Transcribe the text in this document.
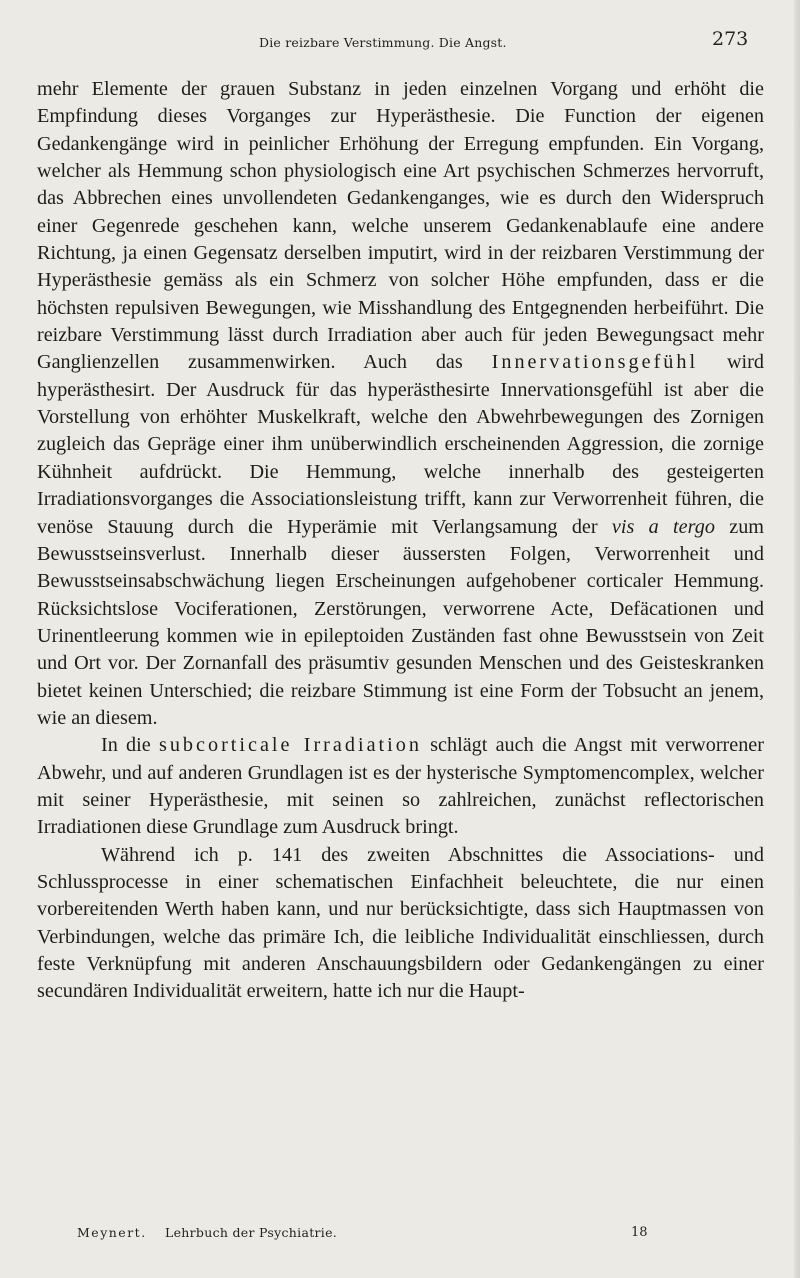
Die reizbare Verstimmung. Die Angst.	273

mehr Elemente der grauen Substanz in jeden einzelnen Vorgang und erhöht die Empfindung dieses Vorganges zur Hyperästhesie. Die Function der eigenen Gedankengänge wird in peinlicher Erhöhung der Erregung empfunden. Ein Vorgang, welcher als Hemmung schon physiologisch eine Art psychischen Schmerzes hervorruft, das Abbrechen eines unvollendeten Gedankenganges, wie es durch den Widerspruch einer Gegenrede geschehen kann, welche unserem Gedankenablaufe eine andere Richtung, ja einen Gegensatz derselben imputirt, wird in der reizbaren Verstimmung der Hyperästhesie gemäss als ein Schmerz von solcher Höhe empfunden, dass er die höchsten repulsiven Bewegungen, wie Misshandlung des Entgegnenden herbeiführt. Die reizbare Verstimmung lässt durch Irradiation aber auch für jeden Bewegungsact mehr Ganglienzellen zusammenwirken. Auch das Innervationsgefühl wird hyperästhesirt. Der Ausdruck für das hyperästhesirte Innervationsgefühl ist aber die Vorstellung von erhöhter Muskelkraft, welche den Abwehrbewegungen des Zornigen zugleich das Gepräge einer ihm unüberwindlich erscheinenden Aggression, die zornige Kühnheit aufdrückt. Die Hemmung, welche innerhalb des gesteigerten Irradiationsvorganges die Associationsleistung trifft, kann zur Verworrenheit führen, die venöse Stauung durch die Hyperämie mit Verlangsamung der vis a tergo zum Bewusstseinsverlust. Innerhalb dieser äussersten Folgen, Verworrenheit und Bewusstseinsabschwächung liegen Erscheinungen aufgehobener corticaler Hemmung. Rücksichtslose Vociferationen, Zerstörungen, verworrene Acte, Defäcationen und Urinentleerung kommen wie in epileptoiden Zuständen fast ohne Bewusstsein von Zeit und Ort vor. Der Zornanfall des präsumtiv gesunden Menschen und des Geisteskranken bietet keinen Unterschied; die reizbare Stimmung ist eine Form der Tobsucht an jenem, wie an diesem.

In die subcorticale Irradiation schlägt auch die Angst mit verworrener Abwehr, und auf anderen Grundlagen ist es der hysterische Symptomencomplex, welcher mit seiner Hyperästhesie, mit seinen so zahlreichen, zunächst reflectorischen Irradiationen diese Grundlage zum Ausdruck bringt.

Während ich p. 141 des zweiten Abschnittes die Associations- und Schlussprocesse in einer schematischen Einfachheit beleuchtete, die nur einen vorbereitenden Werth haben kann, und nur berücksichtigte, dass sich Hauptmassen von Verbindungen, welche das primäre Ich, die leibliche Individualität einschliessen, durch feste Verknüpfung mit anderen Anschauungsbildern oder Gedankengängen zu einer secundären Individualität erweitern, hatte ich nur die Haupt-

Meynert. Lehrbuch der Psychiatrie.	18
